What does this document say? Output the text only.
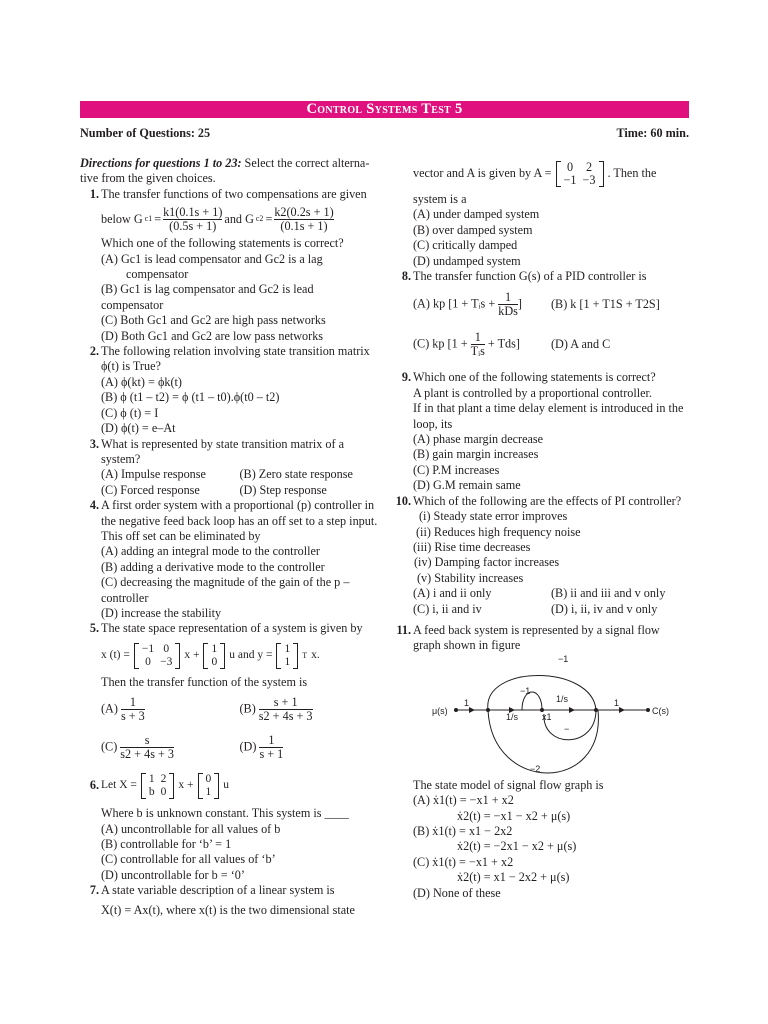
Control Systems Test 5
Number of Questions: 25	Time: 60 min.
Directions for questions 1 to 23: Select the correct alterna-tive from the given choices.
1. The transfer functions of two compensations are given
below G $c1 = \frac{k1(0.1s + 1)}{(0.5s + 1)}$ and G $c2 = \frac{k2(0.2s + 1)}{(0.1s + 1)}$
Which one of the following statements is correct?
(A) Gc1 is lead compensator and Gc2 is a lag
compensator
(B) Gc1 is lag compensator and Gc2 is lead compensator
(C) Both Gc1 and Gc2 are high pass networks
(D) Both Gc1 and Gc2 are low pass networks
2. The following relation involving state transition matrix ϕ(t) is True?
(A) ϕ(kt) = ϕk(t)
(B) ϕ (t1 – t2) = ϕ (t1 – t0).ϕ(t0 – t2)
(C) ϕ (t) = I
(D) ϕ(t) = e–At
3. What is represented by state transition matrix of a system?
(A) Impulse response	(B) Zero state response
(C) Forced response	(D) Step response
4. A first order system with a proportional (p) controller in the negative feed back loop has an off set to a step input. This off set can be eliminated by
(A) adding an integral mode to the controller
(B) adding a derivative mode to the controller
(C) decreasing the magnitude of the gain of the p – controller
(D) increase the stability
5. The state space representation of a system is given by
x (t) =
−1	0
0	−3
x +
1
0
u and y =
1
1
T x.
Then the transfer function of the system is
$(A) \frac{1}{s + 3}$	$(B) \frac{s + 1}{s2 + 4s + 3}$
$(C) \frac{s}{s2 + 4s + 3}$	$(D) \frac{1}{s + 1}$
6. Let X =
1	2
b	0
x +
0
1
u
Where b is unknown constant. This system is ____
(A) uncontrollable for all values of b
(B) controllable for ‘b’ = 1
(C) controllable for all values of ‘b’
(D) uncontrollable for b = ‘0’
7. A state variable description of a linear system is
X(t) = Ax(t), where x(t) is the two dimensional state
vector and A is given by A = 0	2
−1	−3 . Then the
system is a
(A) under damped system
(B) over damped system
(C) critically damped
(D) undamped system
8. The transfer function G(s) of a PID controller is
(A) kp [1 + Tᵢs + $\frac{1}{\text{kDs}}$ ]	(B) k [1 + T1S + T2S]
(C) kp $[1 + \frac{1}{\text{Tᵢs}} + Tds]$	(D) A and C
9. Which one of the following statements is correct?
A plant is controlled by a proportional controller.
If in that plant a time delay element is introduced in the loop, its
(A) phase margin decrease
(B) gain margin increases
(C) P.M increases
(D) G.M remain same
10. Which of the following are the effects of PI controller?
(i) Steady state error improves
(ii) Reduces high frequency noise
(iii) Rise time decreases
(iv) Damping factor increases
(v) Stability increases
(A) i and ii only	(B) ii and iii and v only
(C) i, ii and iv	(D) i, ii, iv and v only
11. A feed back system is represented by a signal flow graph shown in figure
μ(s)	C(s)
1
1/s	x1
1/s	1
−1
−1
−
−2
The state model of signal flow graph is
(A) ẋ1(t) = −x1 + x2
ẋ2(t) = −x1 − x2 + μ(s)
(B) ẋ1(t) = x1 − 2x2
ẋ2(t) = −2x1 − x2 + μ(s)
(C) ẋ1(t) = −x1 + x2
ẋ2(t) = x1 − 2x2 + μ(s)
(D) None of these
